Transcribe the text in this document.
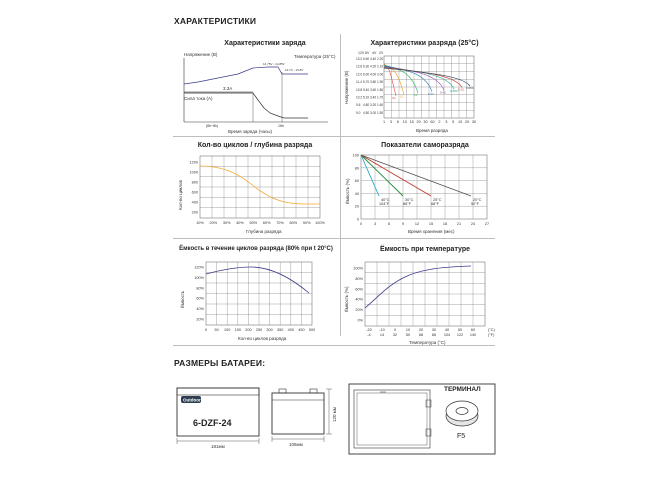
ХАРАКТЕРИСТИКИ
Характеристики заряда
Напряжение (В)	Температура (25°С)
14.75V - 14.85V
13.7V - 13.8V
3.3A
Сила тока (А)
(8h~8h)	16h
Время заряда (часы)
Характеристики разряда (25°С)
Напряжение (В)
12V 6V 4V 2V
13.2 6.60 4.40 2.20
12.6 6.30 4.20 2.10
12.0 6.00 4.00 2.00
11.4 5.70 3.80 1.90
10.8 5.40 3.60 1.80
10.2 5.10 3.40 1.70
9.6 4.80 3.20 1.60
9.0 4.50 3.00 1.50
3C 2C	1C	0.6C 0.4C 0.25C 0.1C 0.05C
1 3 6 10 15 20 30 60 2 3 5 10 20 30
Время разряда
Кол-во циклов / глубина разряда
Кол-во циклов
1200
1000
800
600
400
200
10% 20% 30% 40% 50% 60% 70% 80% 90% 100%
Глубина разряда
Показатели саморазряда
Ёмкость (%)
100
80
60
40
20
0
0	3	6	9	12	15	18	21	24	27
40°C
104°F
30°C
86°F
25°C
68°F
20°C
50°F
Время хранения (мес)
Ёмкость в течение циклов разряда (80% при t 20°C)
Ёмкость
120%
100%
80%
60%
40%
20%
0 50 100 150 200 250 300 350 400 450 500
Кол-во циклов разряда
Ёмкость при температуре
Ёмкость (%)
100%
80%
60%
40%
20%
0%
-20 -10 0	10 20 30 40 50 60
-4 14 32 50 68 86 104 122 140
(°С)
(°F)
Температура (°С)
РАЗМЕРЫ БАТАРЕИ:
Outdoor
181мм
6-DZF-24
105мм
120 мм
ТЕРМИНАЛ
F5
